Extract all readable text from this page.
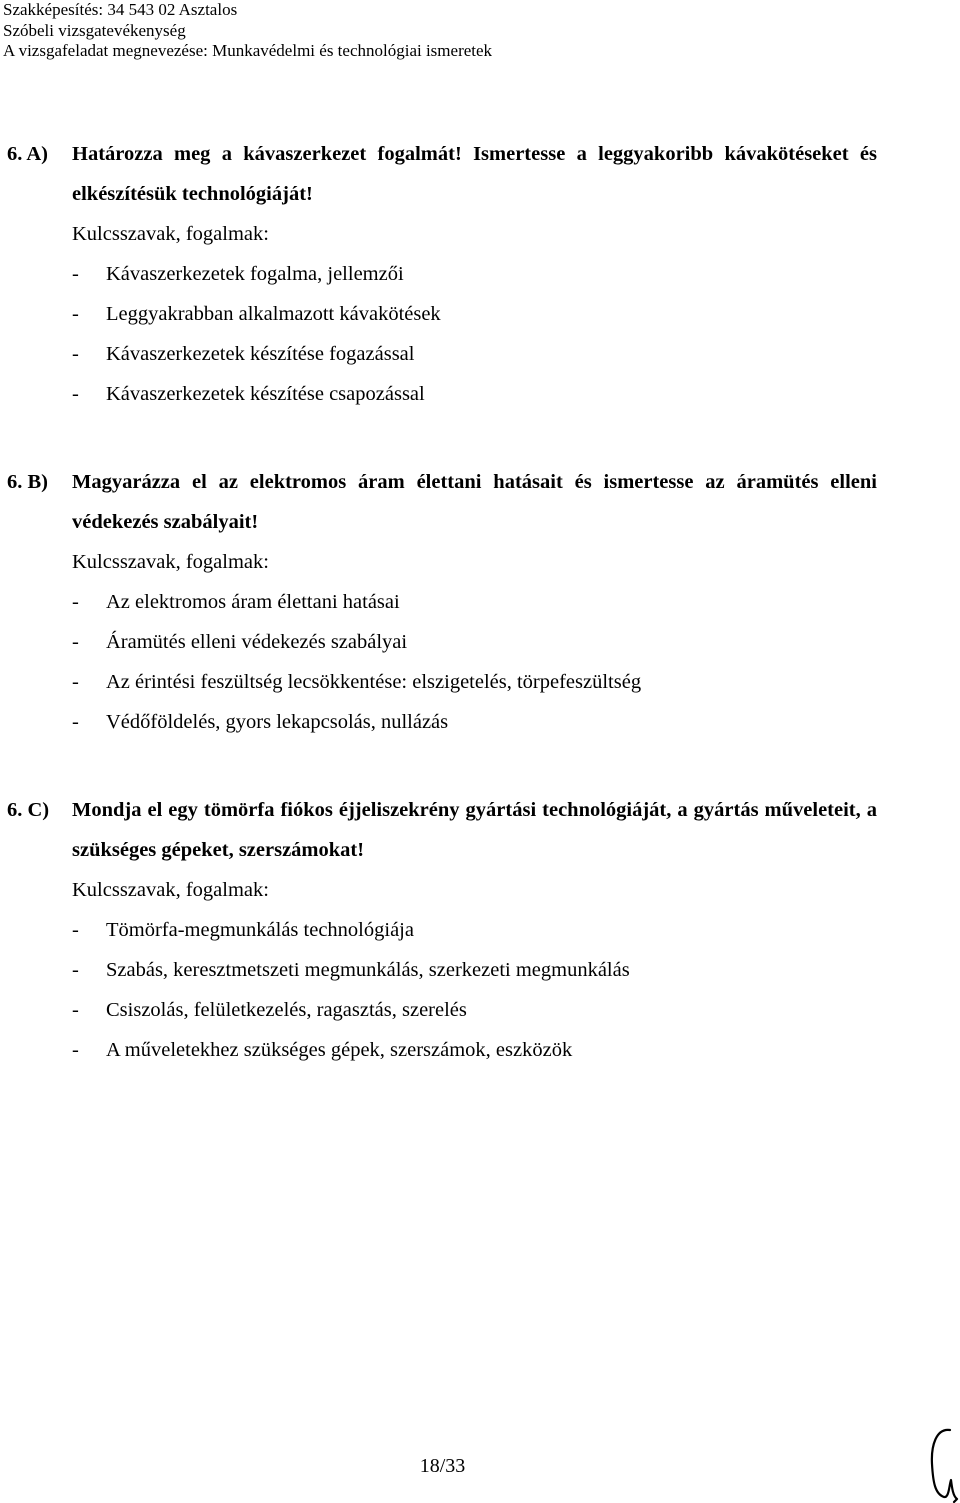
Szakképesítés: 34 543 02 Asztalos
Szóbeli vizsgatevékenység
A vizsgafeladat megnevezése: Munkavédelmi és technológiai ismeretek
6. A) Határozza meg a kávaszerkezet fogalmát! Ismertesse a leggyakoribb kávakötéseket és elkészítésük technológiáját!
Kulcsszavak, fogalmak:
- Kávaszerkezetek fogalma, jellemzői
- Leggyakrabban alkalmazott kávakötések
- Kávaszerkezetek készítése fogazással
- Kávaszerkezetek készítése csapozással
6. B) Magyarázza el az elektromos áram élettani hatásait és ismertesse az áramütés elleni védekezés szabályait!
Kulcsszavak, fogalmak:
- Az elektromos áram élettani hatásai
- Áramütés elleni védekezés szabályai
- Az érintési feszültség lecsökkentése: elszigetelés, törpefeszültség
- Védőföldelés, gyors lekapcsolás, nullázás
6. C) Mondja el egy tömörfa fiókos éjjeliszekrény gyártási technológiáját, a gyártás műveleteit, a szükséges gépeket, szerszámokat!
Kulcsszavak, fogalmak:
- Tömörfa-megmunkálás technológiája
- Szabás, keresztmetszeti megmunkálás, szerkezeti megmunkálás
- Csiszolás, felületkezelés, ragasztás, szerelés
- A műveletekhez szükséges gépek, szerszámok, eszközök
18/33
